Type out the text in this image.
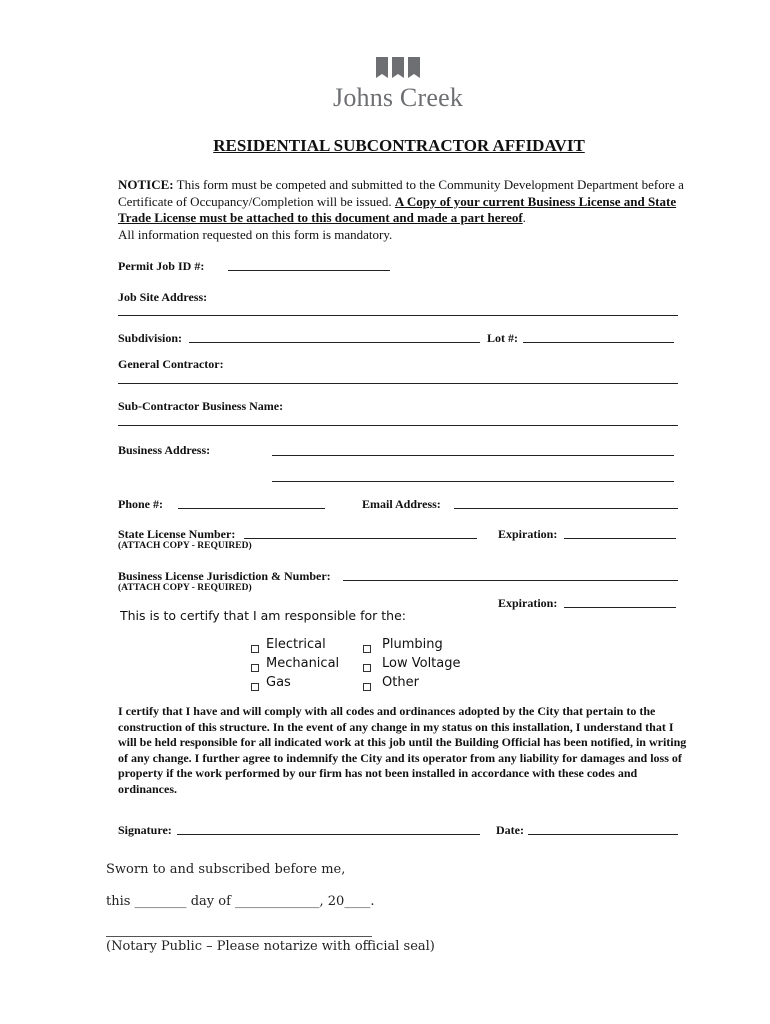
Johns Creek
RESIDENTIAL SUBCONTRACTOR AFFIDAVIT
NOTICE: This form must be competed and submitted to the Community Development Department before a Certificate of Occupancy/Completion will be issued. A Copy of your current Business License and State Trade License must be attached to this document and made a part hereof.
All information requested on this form is mandatory.
Permit Job ID #:
Job Site Address:
Subdivision:	Lot #:
General Contractor:
Sub-Contractor Business Name:
Business Address:
Phone #:	Email Address:
State License Number:	Expiration:
(ATTACH COPY - REQUIRED)
Business License Jurisdiction & Number:
(ATTACH COPY - REQUIRED)
Expiration:
This is to certify that I am responsible for the:
Electrical
Mechanical
Gas
Plumbing
Low Voltage
Other
I certify that I have and will comply with all codes and ordinances adopted by the City that pertain to the construction of this structure. In the event of any change in my status on this installation, I understand that I will be held responsible for all indicated work at this job until the Building Official has been notified, in writing of any change. I further agree to indemnify the City and its operator from any liability for damages and loss of property if the work performed by our firm has not been installed in accordance with these codes and ordinances.
Signature:	Date:
Sworn to and subscribed before me,
this ________ day of _____________, 20____.
(Notary Public – Please notarize with official seal)
